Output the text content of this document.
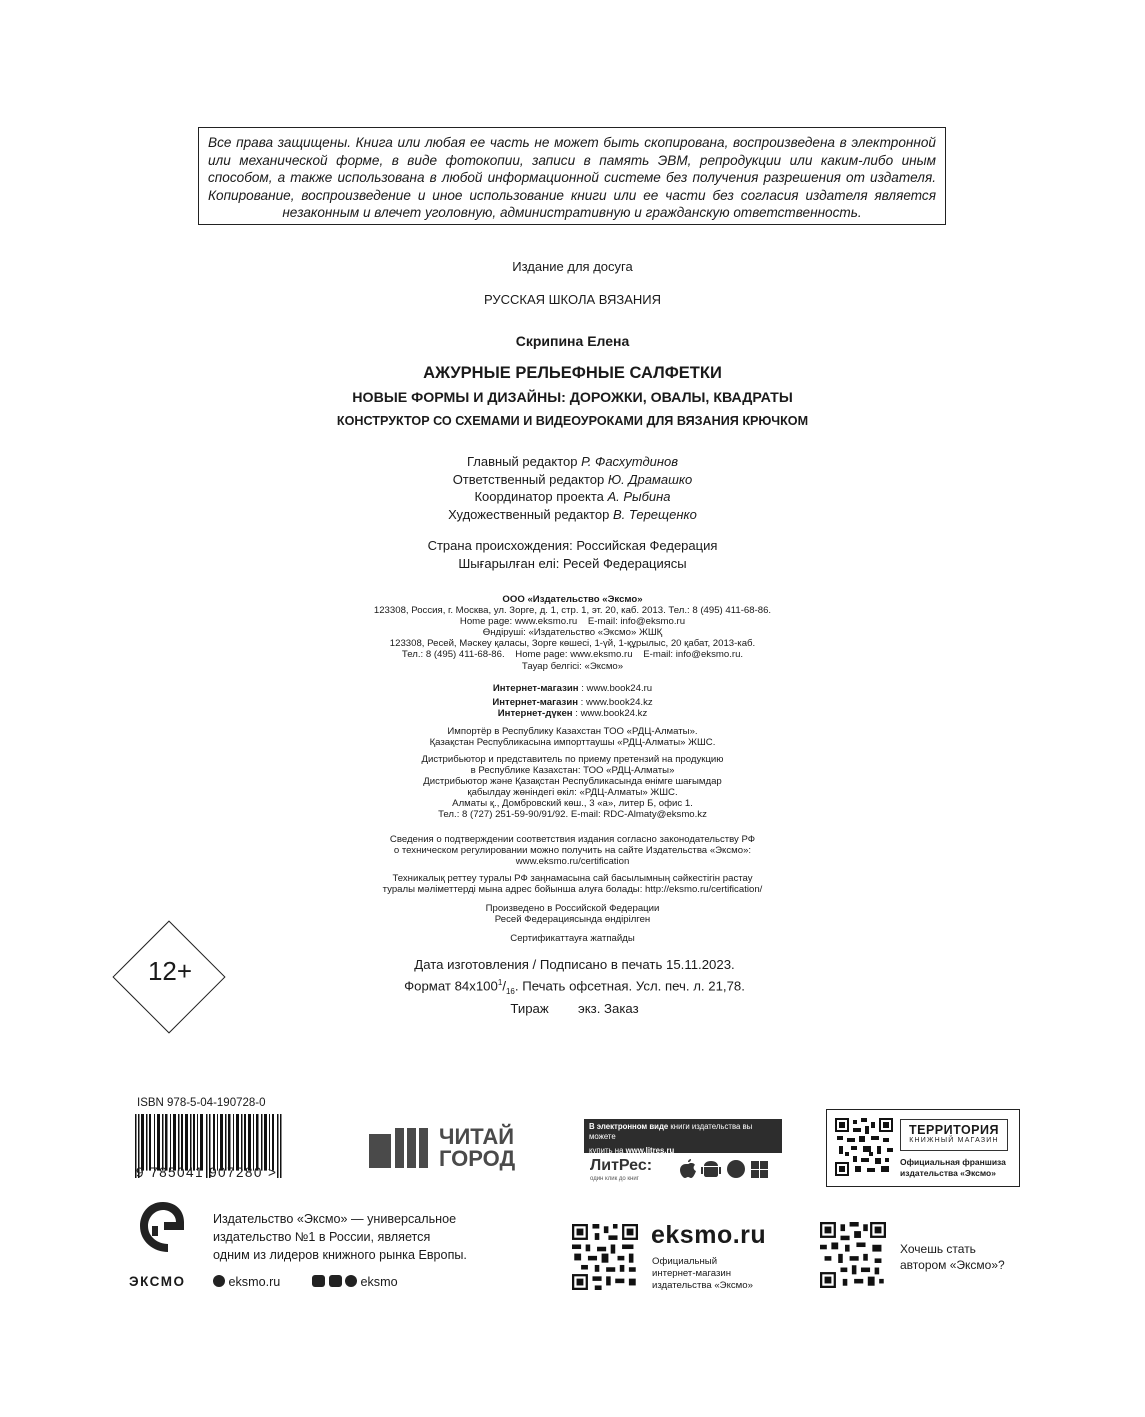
Все права защищены. Книга или любая ее часть не может быть скопирована, воспроизведена в электронной или механической форме, в виде фотокопии, записи в память ЭВМ, репродукции или каким-либо иным способом, а также использована в любой информационной системе без получения разрешения от издателя. Копирование, воспроизведение и иное использование книги или ее части без согласия издателя является незаконным и влечет уголовную, административную и гражданскую ответственность.
Издание для досуга
РУССКАЯ ШКОЛА ВЯЗАНИЯ
Скрипина Елена
АЖУРНЫЕ РЕЛЬЕФНЫЕ САЛФЕТКИ
НОВЫЕ ФОРМЫ И ДИЗАЙНЫ: ДОРОЖКИ, ОВАЛЫ, КВАДРАТЫ
КОНСТРУКТОР СО СХЕМАМИ И ВИДЕОУРОКАМИ ДЛЯ ВЯЗАНИЯ КРЮЧКОМ
Главный редактор Р. Фасхутдинов
Ответственный редактор Ю. Драмашко
Координатор проекта А. Рыбина
Художественный редактор В. Терещенко
Страна происхождения: Российская Федерация
Шығарылған елі: Ресей Федерациясы
ООО «Издательство «Эксмо»
123308, Россия, г. Москва, ул. Зорге, д. 1, стр. 1, эт. 20, каб. 2013. Тел.: 8 (495) 411-68-86.
Home page: www.eksmo.ru    E-mail: info@eksmo.ru
Өндіруші: «Издательство «Эксмо» ЖШҚ
123308, Ресей, Мәскеу қаласы, Зорге көшесі, 1-үй, 1-құрылыс, 20 қабат, 2013-каб.
Тел.: 8 (495) 411-68-86.    Home page: www.eksmo.ru    E-mail: info@eksmo.ru.
Тауар белгісі: «Эксмо»
Интернет-магазин : www.book24.ru
Интернет-магазин : www.book24.kz
Интернет-дүкен : www.book24.kz
Импортёр в Республику Казахстан ТОО «РДЦ-Алматы».
Қазақстан Республикасына импорттаушы «РДЦ-Алматы» ЖШС.
Дистрибьютор и представитель по приему претензий на продукцию
в Республике Казахстан: ТОО «РДЦ-Алматы»
Дистрибьютор және Қазақстан Республикасында өнімге шағымдар
қабылдау жөніндегі өкіл: «РДЦ-Алматы» ЖШС.
Алматы қ., Домбровский көш., 3 «а», литер Б, офис 1.
Тел.: 8 (727) 251-59-90/91/92. E-mail: RDC-Almaty@eksmo.kz
Сведения о подтверждении соответствия издания согласно законодательству РФ
о техническом регулировании можно получить на сайте Издательства «Эксмо»:
www.eksmo.ru/certification
Техникалық реттеу туралы РФ заңнамасына сай басылымның сәйкестігін растау
туралы мәліметтерді мына адрес бойынша алуға болады: http://eksmo.ru/certification/
Произведено в Российской Федерации
Ресей Федерациясында өндірілген
Сертификаттауға жатпайды
12+	Дата изготовления / Подписано в печать 15.11.2023.
Формат $84х100^1/_{16}$. Печать офсетная. Усл. печ. л. 21,78.
Тираж        экз. Заказ
ISBN 978-5-04-190728-0
9 785041 907280 >
ЧИТАЙ
ГОРОД
В электронном виде книги издательства вы можете
купить на www.litres.ru
ЛитРес:
один клик до книг
ТЕРРИТОРИЯ
КНИЖНЫЙ МАГАЗИН
Официальная франшиза
издательства «Эксмо»
ЭКСМО
Издательство «Эксмо» — универсальное
издательство №1 в России, является
одним из лидеров книжного рынка Европы.
eksmo.ru	eksmo
eksmo.ru
Официальный
интернет-магазин
издательства «Эксмо»
Хочешь стать
автором «Эксмо»?
